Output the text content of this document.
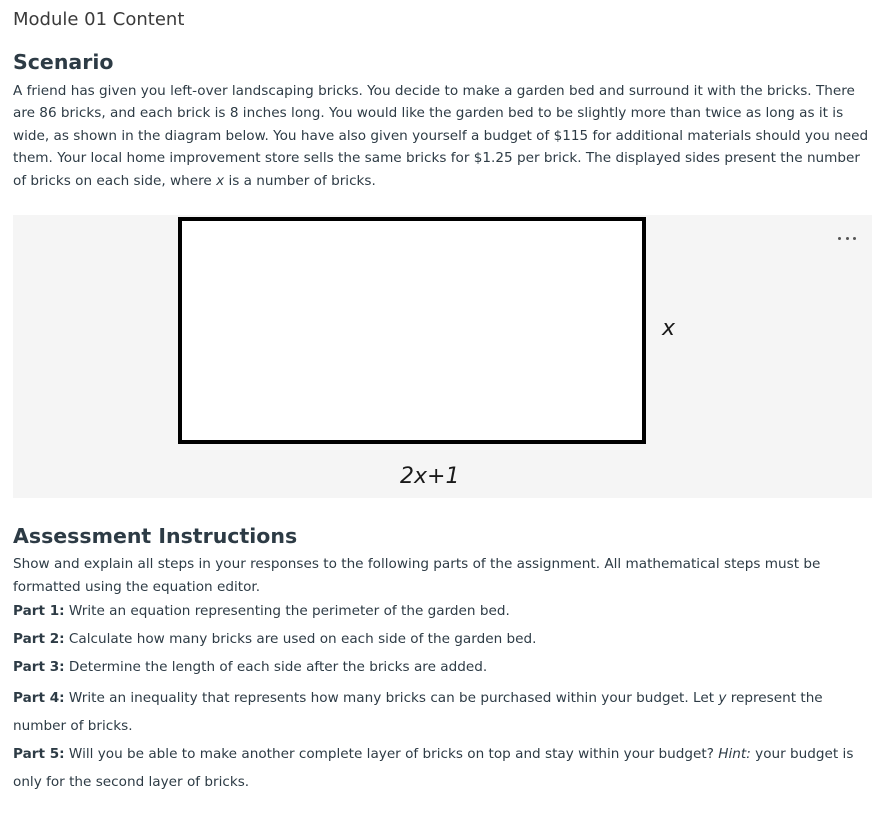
Module 01 Content
Scenario

A friend has given you left-over landscaping bricks. You decide to make a garden bed and surround it with the bricks. There are 86 bricks, and each brick is 8 inches long. You would like the garden bed to be slightly more than twice as long as it is wide, as shown in the diagram below. You have also given yourself a budget of $115 for additional materials should you need them. Your local home improvement store sells the same bricks for $1.25 per brick. The displayed sides present the number of bricks on each side, where x is a number of bricks.

x
2x+1
Assessment Instructions

Show and explain all steps in your responses to the following parts of the assignment. All mathematical steps must be formatted using the equation editor.

Part 1: Write an equation representing the perimeter of the garden bed.

Part 2: Calculate how many bricks are used on each side of the garden bed.

Part 3: Determine the length of each side after the bricks are added.

Part 4: Write an inequality that represents how many bricks can be purchased within your budget. Let y represent the number of bricks.

Part 5: Will you be able to make another complete layer of bricks on top and stay within your budget? Hint: your budget is only for the second layer of bricks.
